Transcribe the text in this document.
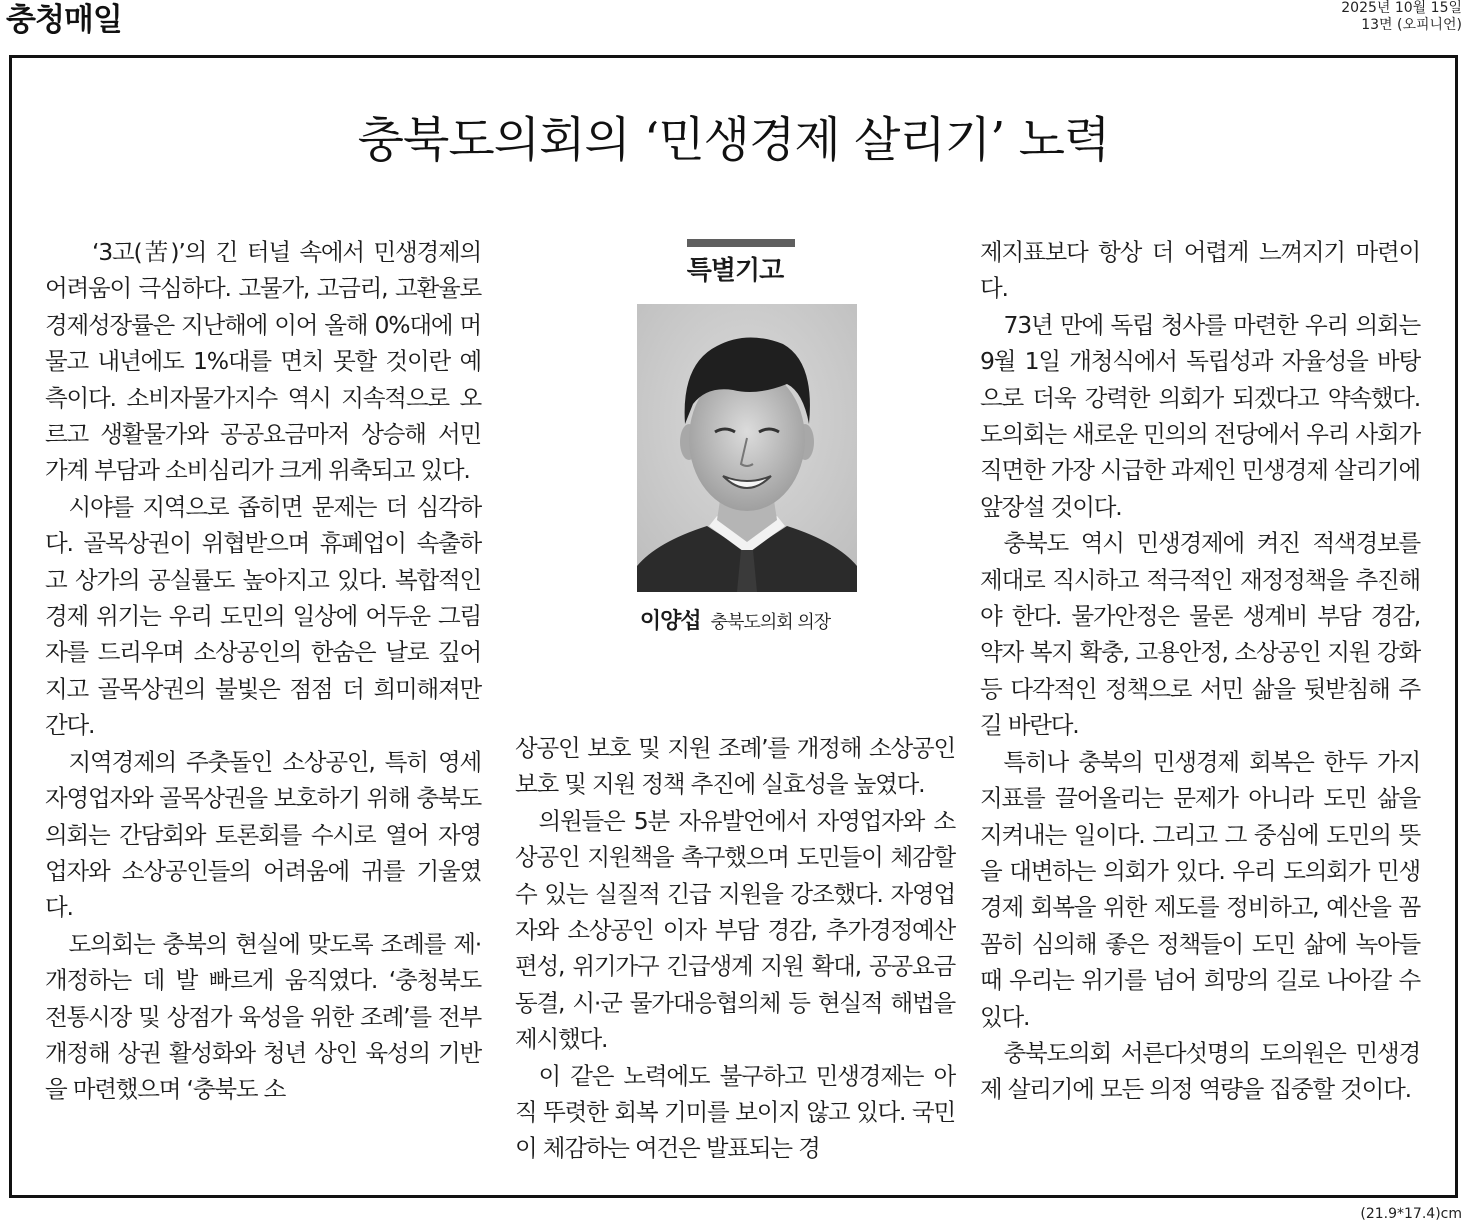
충청매일	2025년 10월 15일
13면 (오피니언)
충북도의회의 ‘민생경제 살리기’ 노력

‘3고(苦)’의 긴 터널 속에서 민생경제의 어려움이 극심하다. 고물가, 고금리, 고환율로 경제성장률은 지난해에 이어 올해 0%대에 머물고 내년에도 1%대를 면치 못할 것이란 예측이다. 소비자물가지수 역시 지속적으로 오르고 생활물가와 공공요금마저 상승해 서민 가계 부담과 소비심리가 크게 위축되고 있다.

시야를 지역으로 좁히면 문제는 더 심각하다. 골목상권이 위협받으며 휴폐업이 속출하고 상가의 공실률도 높아지고 있다. 복합적인 경제 위기는 우리 도민의 일상에 어두운 그림자를 드리우며 소상공인의 한숨은 날로 깊어지고 골목상권의 불빛은 점점 더 희미해져만 간다.

지역경제의 주춧돌인 소상공인, 특히 영세 자영업자와 골목상권을 보호하기 위해 충북도의회는 간담회와 토론회를 수시로 열어 자영업자와 소상공인들의 어려움에 귀를 기울였다.

도의회는 충북의 현실에 맞도록 조례를 제·개정하는 데 발 빠르게 움직였다. ‘충청북도 전통시장 및 상점가 육성을 위한 조례’를 전부개정해 상권 활성화와 청년 상인 육성의 기반을 마련했으며 ‘충북도 소

특별기고
이양섭 충북도의회 의장

상공인 보호 및 지원 조례’를 개정해 소상공인 보호 및 지원 정책 추진에 실효성을 높였다.

의원들은 5분 자유발언에서 자영업자와 소상공인 지원책을 촉구했으며 도민들이 체감할 수 있는 실질적 긴급 지원을 강조했다. 자영업자와 소상공인 이자 부담 경감, 추가경정예산 편성, 위기가구 긴급생계 지원 확대, 공공요금 동결, 시·군 물가대응협의체 등 현실적 해법을 제시했다.

이 같은 노력에도 불구하고 민생경제는 아직 뚜렷한 회복 기미를 보이지 않고 있다. 국민이 체감하는 여건은 발표되는 경

제지표보다 항상 더 어렵게 느껴지기 마련이다.

73년 만에 독립 청사를 마련한 우리 의회는 9월 1일 개청식에서 독립성과 자율성을 바탕으로 더욱 강력한 의회가 되겠다고 약속했다. 도의회는 새로운 민의의 전당에서 우리 사회가 직면한 가장 시급한 과제인 민생경제 살리기에 앞장설 것이다.

충북도 역시 민생경제에 켜진 적색경보를 제대로 직시하고 적극적인 재정정책을 추진해야 한다. 물가안정은 물론 생계비 부담 경감, 약자 복지 확충, 고용안정, 소상공인 지원 강화 등 다각적인 정책으로 서민 삶을 뒷받침해 주길 바란다.

특히나 충북의 민생경제 회복은 한두 가지 지표를 끌어올리는 문제가 아니라 도민 삶을 지켜내는 일이다. 그리고 그 중심에 도민의 뜻을 대변하는 의회가 있다. 우리 도의회가 민생경제 회복을 위한 제도를 정비하고, 예산을 꼼꼼히 심의해 좋은 정책들이 도민 삶에 녹아들 때 우리는 위기를 넘어 희망의 길로 나아갈 수 있다.

충북도의회 서른다섯명의 도의원은 민생경제 살리기에 모든 의정 역량을 집중할 것이다.

(21.9*17.4)cm
